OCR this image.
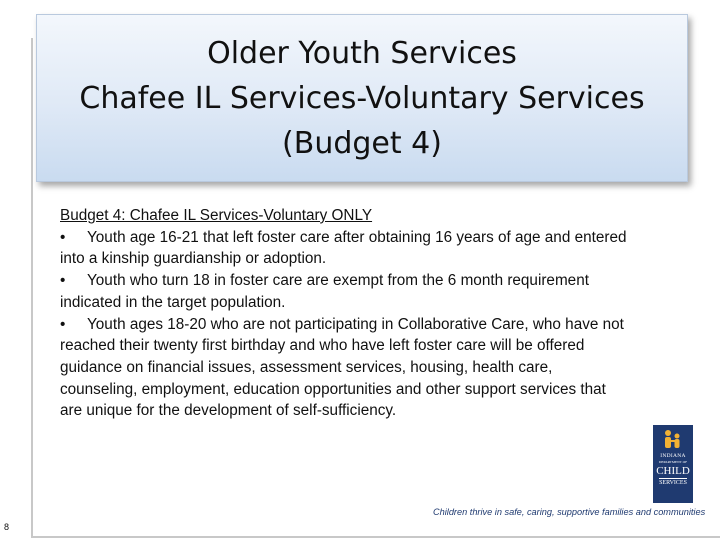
Older Youth Services
Chafee IL Services-Voluntary Services
(Budget 4)
Budget 4: Chafee IL Services-Voluntary ONLY
• Youth age 16-21 that left foster care after obtaining 16 years of age and entered into a kinship guardianship or adoption.
• Youth who turn 18 in foster care are exempt from the 6 month requirement indicated in the target population.
• Youth ages 18-20 who are not participating in Collaborative Care, who have not reached their twenty first birthday and who have left foster care will be offered guidance on financial issues, assessment services, housing, health care, counseling, employment, education opportunities and other support services that are unique for the development of self-sufficiency.
INDIANA
DEPARTMENT OF
CHILD
SERVICES
Children thrive in safe, caring, supportive families and communities
8
